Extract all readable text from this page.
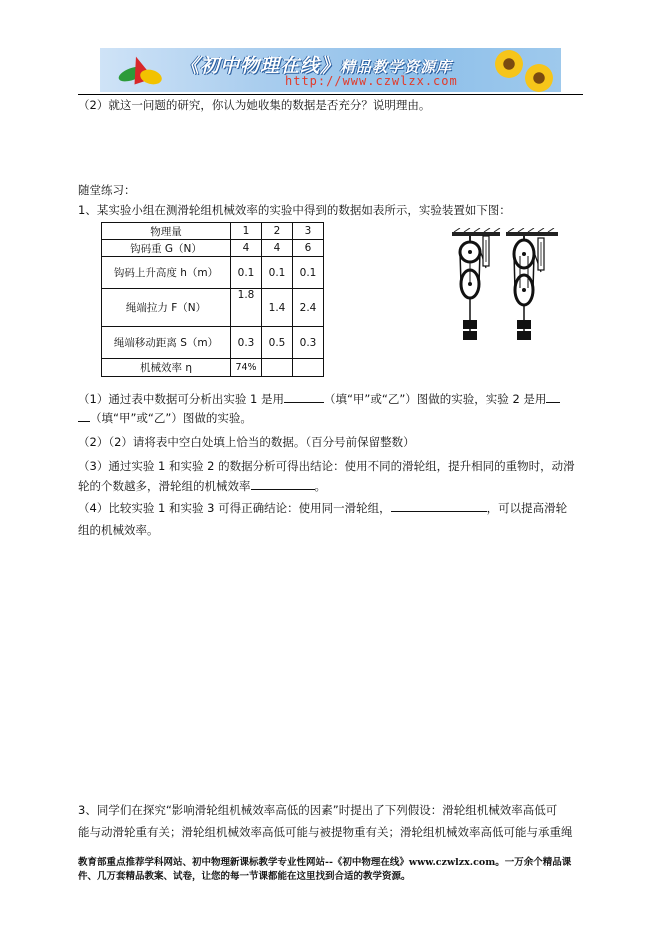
《初中物理在线》精品教学资源库
http://www.czwlzx.com
（2）就这一问题的研究，你认为她收集的数据是否充分？说明理由。
随堂练习：
1、某实验小组在测滑轮组机械效率的实验中得到的数据如表所示，实验装置如下图：
物理量	1	2	3
钩码重 G（N）	4	4	6
钩码上升高度 h（m）	0.1	0.1	0.1
绳端拉力 F（N）	1.8	1.4	2.4
绳端移动距离 S（m）	0.3	0.5	0.3
机械效率 η	74%		
（1）通过表中数据可分析出实验 1 是用	（填“甲”或“乙”）图做的实验，实验 2 是用
（填“甲”或“乙”）图做的实验。
（2）（2）请将表中空白处填上恰当的数据。（百分号前保留整数）
（3）通过实验 1 和实验 2 的数据分析可得出结论：使用不同的滑轮组，提升相同的重物时，动滑
轮的个数越多，滑轮组的机械效率	。
（4）比较实验 1 和实验 3 可得正确结论：使用同一滑轮组，	，可以提高滑轮
组的机械效率。
3、同学们在探究“影响滑轮组机械效率高低的因素”时提出了下列假设：滑轮组机械效率高低可
能与动滑轮重有关；滑轮组机械效率高低可能与被提物重有关；滑轮组机械效率高低可能与承重绳
教育部重点推荐学科网站、初中物理新课标教学专业性网站--《初中物理在线》www.czwlzx.com。一万余个精品课
件、几万套精品教案、试卷，让您的每一节课都能在这里找到合适的教学资源。
